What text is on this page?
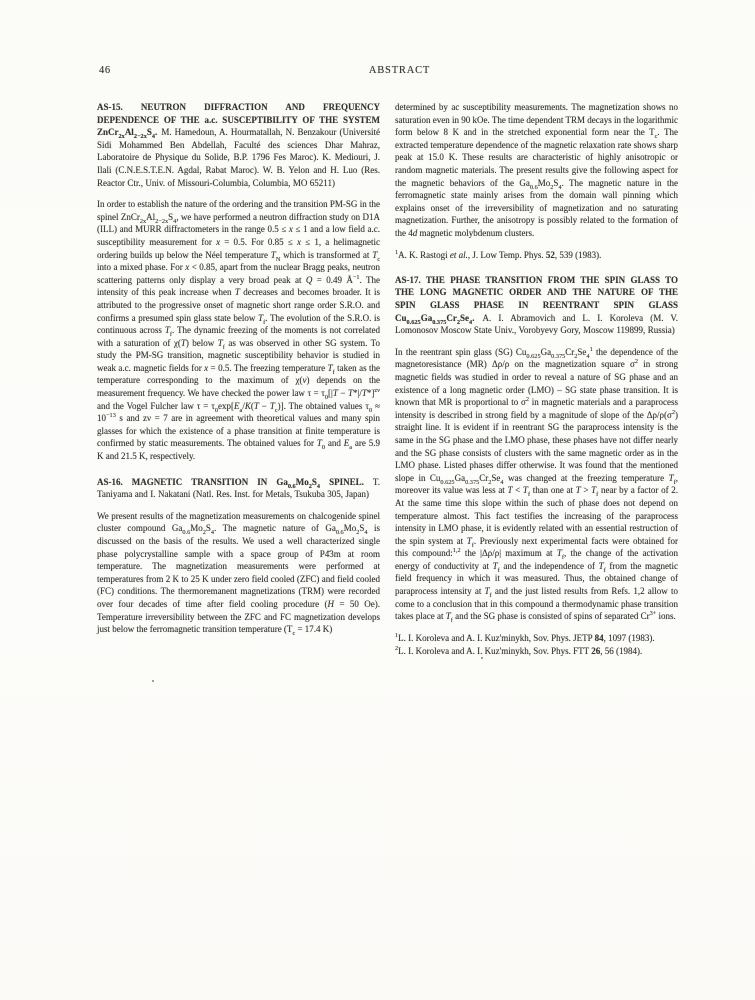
46	ABSTRACT

AS-15. NEUTRON DIFFRACTION AND FREQUENCY DEPENDENCE OF THE a.c. SUSCEPTIBILITY OF THE SYSTEM $ZnCr_{2x}Al_{2-2x}S_4$. M. Hamedoun, A. Hourmatallah, N. Benzakour (Université Sidi Mohammed Ben Abdellah, Faculté des sciences Dhar Mahraz, Laboratoire de Physique du Solide, B.P. 1796 Fes Maroc). K. Mediouri, J. Ilali (C.N.E.S.T.E.N. Agdal, Rabat Maroc). W. B. Yelon and H. Luo (Res. Reactor Ctr., Univ. of Missouri-Columbia, Columbia, MO 65211)

In order to establish the nature of the ordering and the transition PM-SG in the spinel $ZnCr_{2x}Al_{2-2x}S_4$, we have performed a neutron diffraction study on D1A (ILL) and MURR diffractometers in the range 0.5 ≤ x ≤ 1 and a low field a.c. susceptibility measurement for x = 0.5. For 0.85 ≤ x ≤ 1, a helimagnetic ordering builds up below the Néel temperature $T_N$ which is transformed at $T_c$ into a mixed phase. For x < 0.85, apart from the nuclear Bragg peaks, neutron scattering patterns only display a very broad peak at Q = 0.49 $Å^{-1}$. The intensity of this peak increase when T decreases and becomes broader. It is attributed to the progressive onset of magnetic short range order S.R.O. and confirms a presumed spin glass state below $T_f$. The evolution of the S.R.O. is continuous across $T_f$. The dynamic freezing of the moments is not correlated with a saturation of χ(T) below $T_f$ as was observed in other SG system. To study the PM-SG transition, magnetic susceptibility behavior is studied in weak a.c. magnetic fields for x = 0.5. The freezing temperature $T_f$ taken as the temperature corresponding to the maximum of χ(ν) depends on the measurement frequency. We have checked the power law $\tau = \tau_0[|T - T*|/T*]^{z\nu}$ and the Vogel Fulcher law $\tau = \tau_0\exp[E_a/K(T - T_c)]$. The obtained values $\tau_0 \approx 10^{-13}$ s and zν = 7 are in agreement with theoretical values and many spin glasses for which the existence of a phase transition at finite temperature is confirmed by static measurements. The obtained values for $T_0$ and $E_a$ are 5.9 K and 21.5 K, respectively.

AS-16. MAGNETIC TRANSITION IN $Ga_{0.6}Mo_2S_4$ SPINEL. T. Taniyama and I. Nakatani (Natl. Res. Inst. for Metals, Tsukuba 305, Japan)

We present results of the magnetization measurements on chalcogenide spinel cluster compound $Ga_{0.6}Mo_2S_4$. The magnetic nature of $Ga_{0.6}Mo_2S_4$ is discussed on the basis of the results. We used a well characterized single phase polycrystalline sample with a space group of P4̄3m at room temperature. The magnetization measurements were performed at temperatures from 2 K to 25 K under zero field cooled (ZFC) and field cooled (FC) conditions. The thermoremanent magnetizations (TRM) were recorded over four decades of time after field cooling procedure (H = 50 Oe). Temperature irreversibility between the ZFC and FC magnetization develops just below the ferromagnetic transition temperature ($T_c = 17.4$ K)

determined by ac susceptibility measurements. The magnetization shows no saturation even in 90 kOe. The time dependent TRM decays in the logarithmic form below 8 K and in the stretched exponential form near the $T_c$. The extracted temperature dependence of the magnetic relaxation rate shows sharp peak at 15.0 K. These results are characteristic of highly anisotropic or random magnetic materials. The present results give the following aspect for the magnetic behaviors of the $Ga_{0.6}Mo_2S_4$. The magnetic nature in the ferromagnetic state mainly arises from the domain wall pinning which explains onset of the irreversibility of magnetization and no saturating magnetization. Further, the anisotropy is possibly related to the formation of the 4d magnetic molybdenum clusters.

$^1$A. K. Rastogi et al., J. Low Temp. Phys. 52, 539 (1983).

AS-17. THE PHASE TRANSITION FROM THE SPIN GLASS TO THE LONG MAGNETIC ORDER AND THE NATURE OF THE SPIN GLASS PHASE IN REENTRANT SPIN GLASS $Cu_{0.625}Ga_{0.375}Cr_2Se_4$. A. I. Abramovich and L. I. Koroleva (M. V. Lomonosov Moscow State Univ., Vorobyevy Gory, Moscow 119899, Russia)

In the reentrant spin glass (SG) $Cu_{0.625}Ga_{0.375}Cr_2Se_4^1$ the dependence of the magnetoresistance (MR) Δρ/ρ on the magnetization square $\sigma^2$ in strong magnetic fields was studied in order to reveal a nature of SG phase and an existence of a long magnetic order (LMO) – SG state phase transition. It is known that MR is proportional to $\sigma^2$ in magnetic materials and a paraprocess intensity is described in strong field by a magnitude of slope of the $\Delta\rho/\rho(\sigma^2)$ straight line. It is evident if in reentrant SG the paraprocess intensity is the same in the SG phase and the LMO phase, these phases have not differ nearly and the SG phase consists of clusters with the same magnetic order as in the LMO phase. Listed phases differ otherwise. It was found that the mentioned slope in $Cu_{0.625}Ga_{0.375}Cr_2Se_4$ was changed at the freezing temperature $T_f$, moreover its value was less at $T < T_f$ than one at $T > T_f$ near by a factor of 2. At the same time this slope within the such of phase does not depend on temperature almost. This fact testifies the increasing of the paraprocess intensity in LMO phase, it is evidently related with an essential restruction of the spin system at $T_f$. Previously next experimental facts were obtained for this compound:$^{1,2}$ the |Δρ/ρ| maximum at $T_f$, the change of the activation energy of conductivity at $T_f$ and the independence of $T_f$ from the magnetic field frequency in which it was measured. Thus, the obtained change of paraprocess intensity at $T_f$ and the just listed results from Refs. 1,2 allow to come to a conclusion that in this compound a thermodynamic phase transition takes place at $T_f$ and the SG phase is consisted of spins of separated $Cr^{3+}$ ions.

$^1$L. I. Koroleva and A. I. Kuz'minykh, Sov. Phys. JETP 84, 1097 (1983).

$^2$L. I. Koroleva and A. I. Kuz'minykh, Sov. Phys. FTT 26, 56 (1984).
